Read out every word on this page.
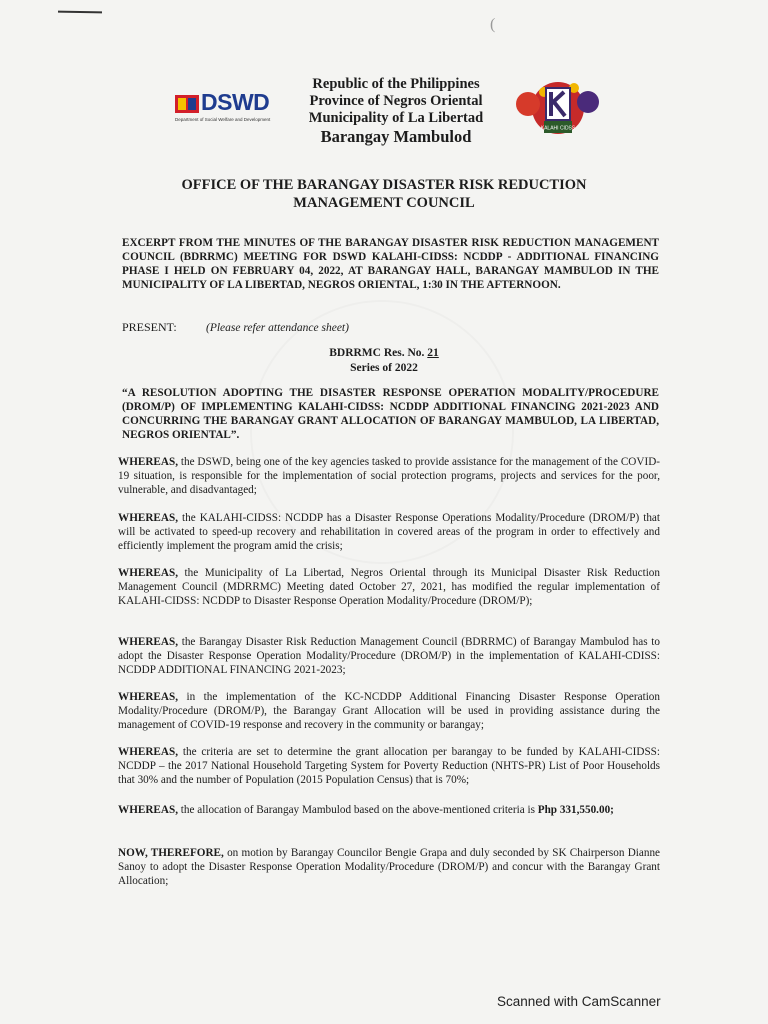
(
DSWD
Department of Social Welfare and Development
Republic of the Philippines
Province of Negros Oriental
Municipality of La Libertad
Barangay Mambulod	KALAHI CIDSS
OFFICE OF THE BARANGAY DISASTER RISK REDUCTION
MANAGEMENT COUNCIL
EXCERPT FROM THE MINUTES OF THE BARANGAY DISASTER RISK REDUCTION MANAGEMENT COUNCIL (BDRRMC) MEETING FOR DSWD KALAHI-CIDSS: NCDDP - ADDITIONAL FINANCING PHASE I HELD ON FEBRUARY 04, 2022, AT BARANGAY HALL, BARANGAY MAMBULOD IN THE MUNICIPALITY OF LA LIBERTAD, NEGROS ORIENTAL, 1:30 IN THE AFTERNOON.
PRESENT:	(Please refer attendance sheet)
BDRRMC Res. No. 21
Series of 2022
“A RESOLUTION ADOPTING THE DISASTER RESPONSE OPERATION MODALITY/PROCEDURE (DROM/P) OF IMPLEMENTING KALAHI-CIDSS: NCDDP ADDITIONAL FINANCING 2021-2023 AND CONCURRING THE BARANGAY GRANT ALLOCATION OF BARANGAY MAMBULOD, LA LIBERTAD, NEGROS ORIENTAL”.
WHEREAS, the DSWD, being one of the key agencies tasked to provide assistance for the management of the COVID-19 situation, is responsible for the implementation of social protection programs, projects and services for the poor, vulnerable, and disadvantaged;
WHEREAS, the KALAHI-CIDSS: NCDDP has a Disaster Response Operations Modality/Procedure (DROM/P) that will be activated to speed-up recovery and rehabilitation in covered areas of the program in order to effectively and efficiently implement the program amid the crisis;
WHEREAS, the Municipality of La Libertad, Negros Oriental through its Municipal Disaster Risk Reduction Management Council (MDRRMC) Meeting dated October 27, 2021, has modified the regular implementation of KALAHI-CIDSS: NCDDP to Disaster Response Operation Modality/Procedure (DROM/P);
WHEREAS, the Barangay Disaster Risk Reduction Management Council (BDRRMC) of Barangay Mambulod has to adopt the Disaster Response Operation Modality/Procedure (DROM/P) in the implementation of KALAHI-CDISS: NCDDP ADDITIONAL FINANCING 2021-2023;
WHEREAS, in the implementation of the KC-NCDDP Additional Financing Disaster Response Operation Modality/Procedure (DROM/P), the Barangay Grant Allocation will be used in providing assistance during the management of COVID-19 response and recovery in the community or barangay;
WHEREAS, the criteria are set to determine the grant allocation per barangay to be funded by KALAHI-CIDSS: NCDDP – the 2017 National Household Targeting System for Poverty Reduction (NHTS-PR) List of Poor Households that 30% and the number of Population (2015 Population Census) that is 70%;
WHEREAS, the allocation of Barangay Mambulod based on the above-mentioned criteria is Php 331,550.00;
NOW, THEREFORE, on motion by Barangay Councilor Bengie Grapa and duly seconded by SK Chairperson Dianne Sanoy to adopt the Disaster Response Operation Modality/Procedure (DROM/P) and concur with the Barangay Grant Allocation;
Scanned with CamScanner
